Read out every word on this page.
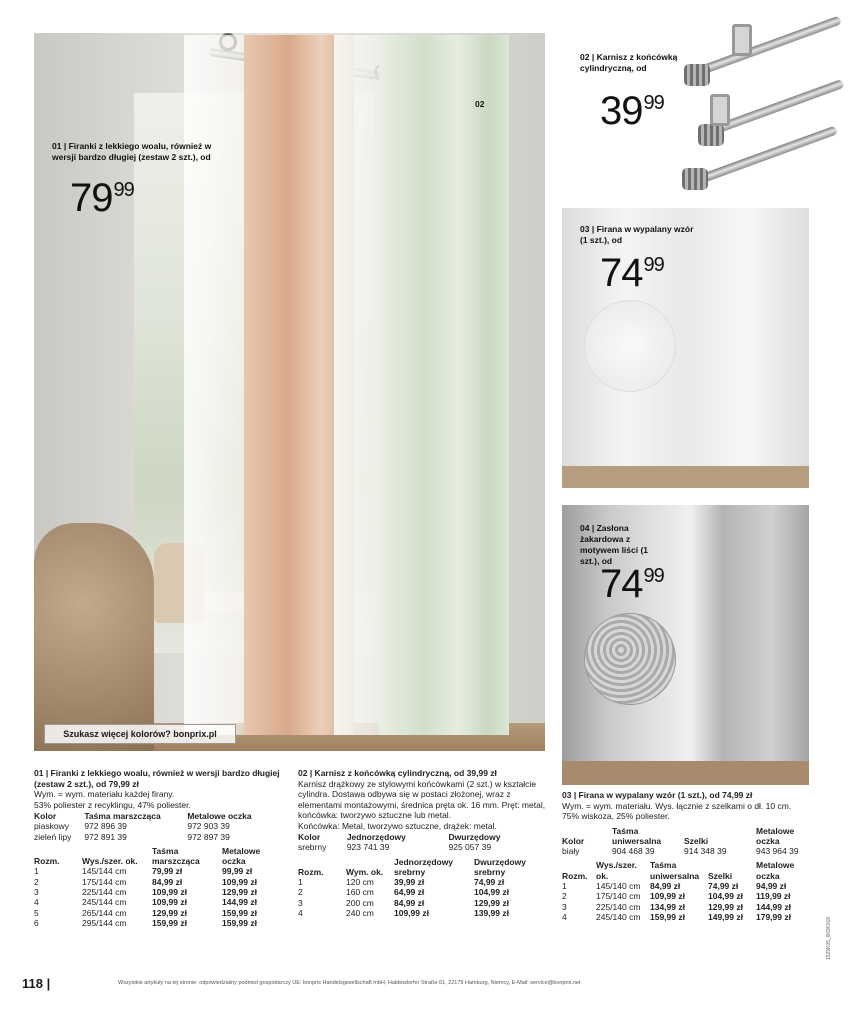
01 | Firanki z lekkiego woalu, również w wersji bardzo długiej (zestaw 2 szt.), od
79 99
02
Szukasz więcej kolorów? bonprix.pl
02 | Karnisz z końcówką cylindryczną, od
39 99
03 | Firana w wypalany wzór (1 szt.), od
74 99
04 | Zasłona żakardowa z motywem liści (1 szt.), od
74 99
01 | Firanki z lekkiego woalu, również w wersji bardzo długiej (zestaw 2 szt.), od 79,99 zł
Wym. = wym. materiału każdej firany.
53% poliester z recyklingu, 47% poliester.
Kolor	Taśma marszcząca	Metalowe oczka
piaskowy	972 896 39	972 903 39
zieleń lipy	972 891 39	972 897 39
Rozm.	Wys./szer. ok.	Taśma marszcząca	Metalowe oczka
1	145/144 cm	79,99 zł	99,99 zł
2	175/144 cm	84,99 zł	109,99 zł
3	225/144 cm	109,99 zł	129,99 zł
4	245/144 cm	109,99 zł	144,99 zł
5	265/144 cm	129,99 zł	159,99 zł
6	295/144 cm	159,99 zł	159,99 zł
02 | Karnisz z końcówką cylindryczną, od 39,99 zł
Karnisz drążkowy ze stylowymi końcówkami (2 szt.) w kształcie cylindra. Dostawa odbywa się w postaci złożonej, wraz z elementami montażowymi, średnica pręta ok. 16 mm. Pręt: metal, końcówka: tworzywo sztuczne lub metal.
Końcówka: Metal, tworzywo sztuczne, drążek: metal.
Kolor	Jednorzędowy	Dwurzędowy
srebrny	923 741 39	925 057 39
Rozm.	Wym. ok.	Jednorzędowy srebrny	Dwurzędowy srebrny
1	120 cm	39,99 zł	74,99 zł
2	160 cm	64,99 zł	104,99 zł
3	200 cm	84,99 zł	129,99 zł
4	240 cm	109,99 zł	139,99 zł
03 | Firana w wypalany wzór (1 szt.), od 74,99 zł
Wym. = wym. materiału. Wys. łącznie z szelkami o dł. 10 cm.
75% wiskoza, 25% poliester.
Kolor	Taśma uniwersalna	Szelki	Metalowe oczka
biały	904 468 39	914 348 39	943 964 39
Rozm.	Wys./szer. ok.	Taśma uniwersalna	Szelki	Metalowe oczka
1	145/140 cm	84,99 zł	74,99 zł	94,99 zł
2	175/140 cm	109,99 zł	104,99 zł	119,99 zł
3	225/140 cm	134,99 zł	129,99 zł	144,99 zł
4	245/140 cm	159,99 zł	149,99 zł	179,99 zł
118 |	Wszystkie artykuły na tej stronie: odpowiedzialny podmiot gospodarczy UE: bonprix Handelsgesellschaft mbH, Haldesdorfer Straße 61, 22179 Hamburg, Niemcy, E-Mail: service@bonprix.net
1525K05_WOK018
